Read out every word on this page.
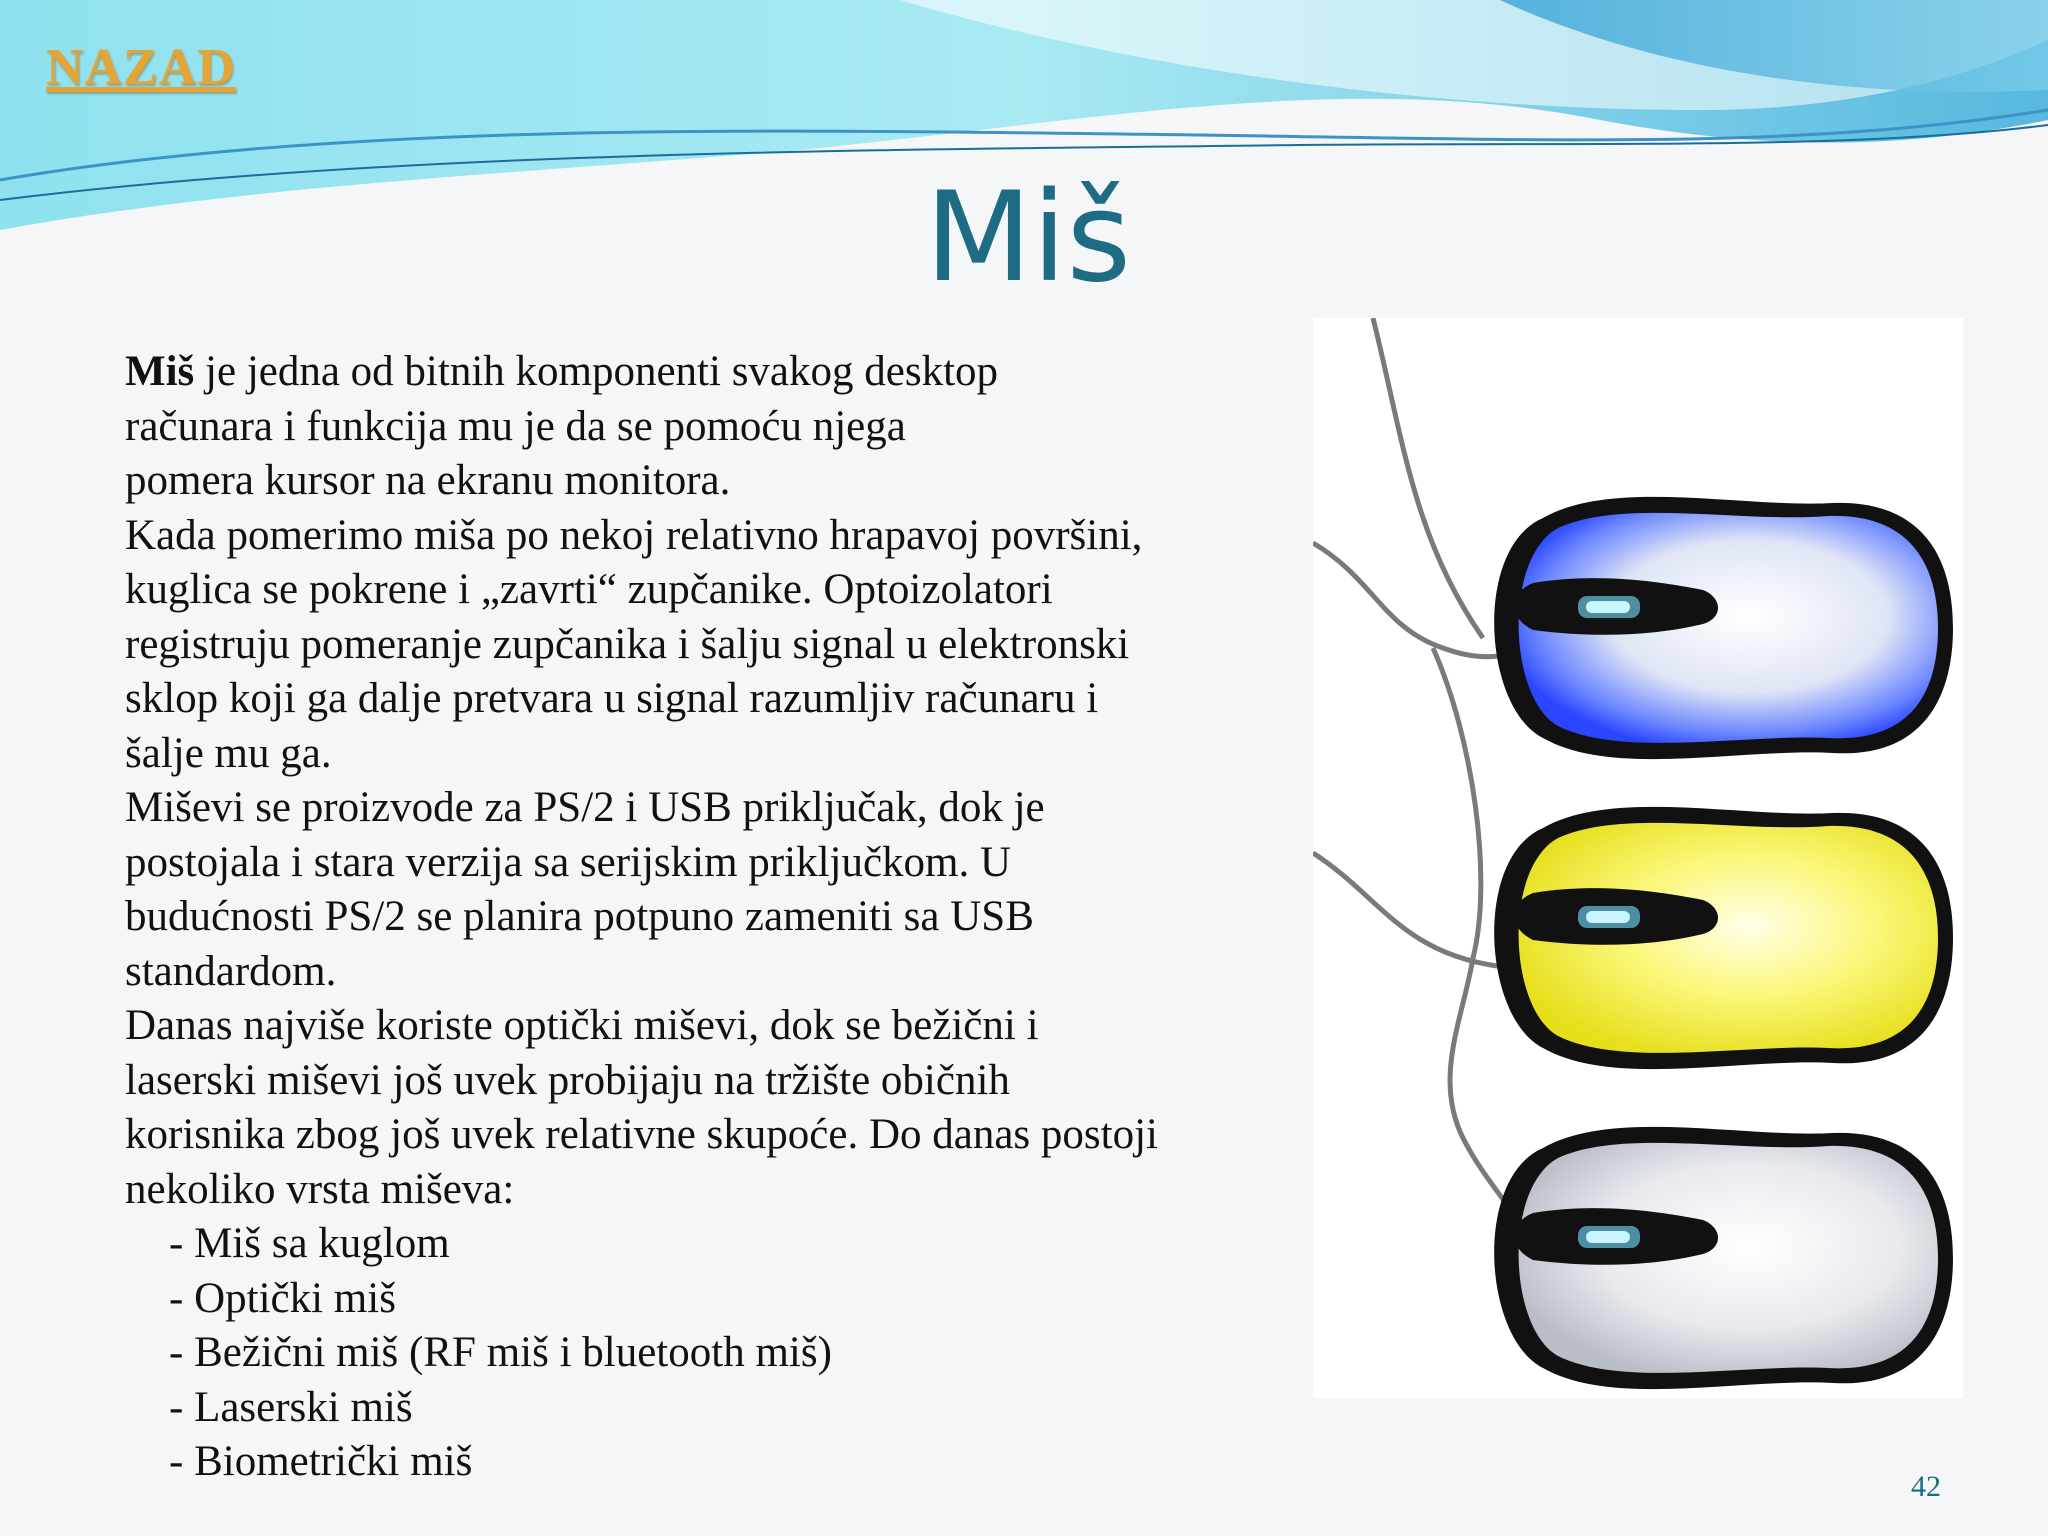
NAZAD
Miš

Miš je jedna od bitnih komponenti svakog desktop
računara i funkcija mu je da se pomoću njega
pomera kursor na ekranu monitora.

Kada pomerimo miša po nekoj relativno hrapavoj površini,
kuglica se pokrene i „zavrti“ zupčanike. Optoizolatori
registruju pomeranje zupčanika i šalju signal u elektronski
sklop koji ga dalje pretvara u signal razumljiv računaru i
šalje mu ga.

Miševi se proizvode za PS/2 i USB priključak, dok je
postojala i stara verzija sa serijskim priključkom. U
budućnosti PS/2 se planira potpuno zameniti sa USB
standardom.

Danas najviše koriste optički miševi, dok se bežični i
laserski miševi još uvek probijaju na tržište običnih
korisnika zbog još uvek relativne skupoće. Do danas postoji
nekoliko vrsta miševa:

- Miš sa kuglom
- Optički miš
- Bežični miš (RF miš i bluetooth miš)
- Laserski miš
- Biometrički miš
42
